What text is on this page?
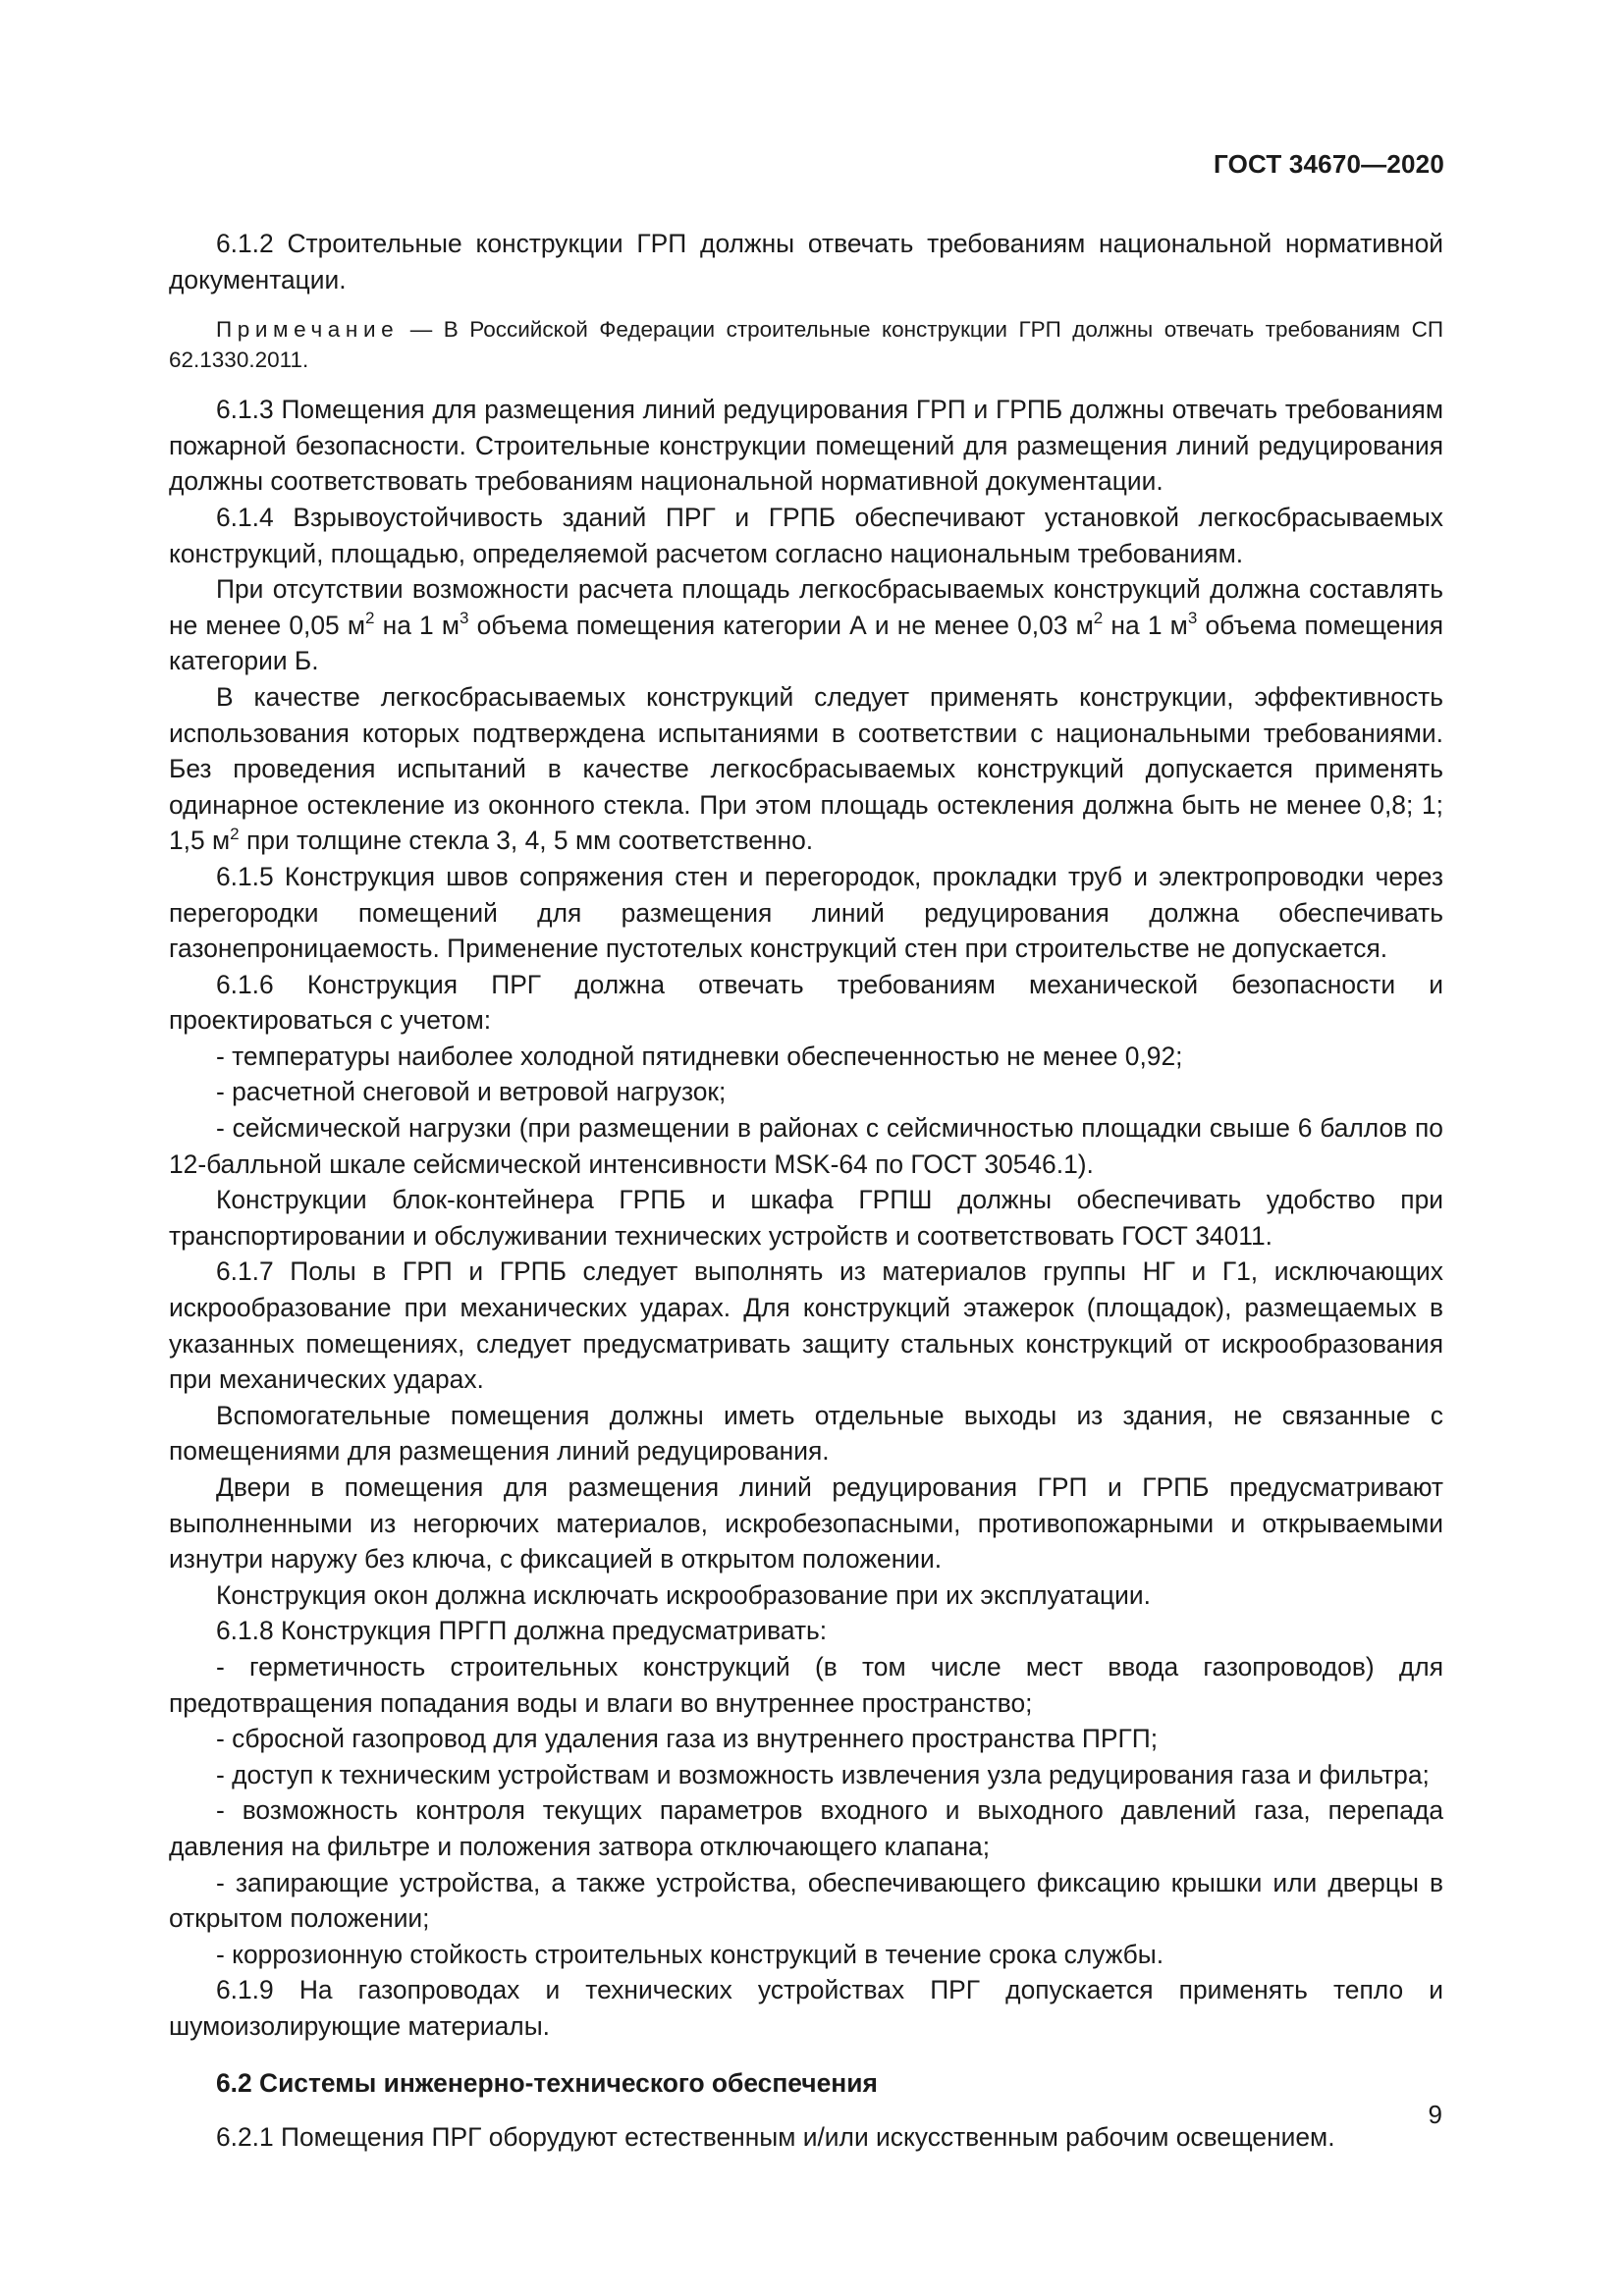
ГОСТ 34670—2020

6.1.2 Строительные конструкции ГРП должны отвечать требованиям национальной нормативной документации.

Примечание — В Российской Федерации строительные конструкции ГРП должны отвечать требованиям СП 62.1330.2011.

6.1.3 Помещения для размещения линий редуцирования ГРП и ГРПБ должны отвечать требованиям пожарной безопасности. Строительные конструкции помещений для размещения линий редуцирования должны соответствовать требованиям национальной нормативной документации.

6.1.4 Взрывоустойчивость зданий ПРГ и ГРПБ обеспечивают установкой легкосбрасываемых конструкций, площадью, определяемой расчетом согласно национальным требованиям.

При отсутствии возможности расчета площадь легкосбрасываемых конструкций должна составлять не менее 0,05 $м^2$ на 1 $м^3$ объема помещения категории А и не менее 0,03 $м^2$ на 1 $м^3$ объема помещения категории Б.

В качестве легкосбрасываемых конструкций следует применять конструкции, эффективность использования которых подтверждена испытаниями в соответствии с национальными требованиями. Без проведения испытаний в качестве легкосбрасываемых конструкций допускается применять одинарное остекление из оконного стекла. При этом площадь остекления должна быть не менее 0,8; 1; 1,5 $м^2$ при толщине стекла 3, 4, 5 мм соответственно.

6.1.5 Конструкция швов сопряжения стен и перегородок, прокладки труб и электропроводки через перегородки помещений для размещения линий редуцирования должна обеспечивать газонепроницаемость. Применение пустотелых конструкций стен при строительстве не допускается.

6.1.6 Конструкция ПРГ должна отвечать требованиям механической безопасности и проектироваться с учетом:

- температуры наиболее холодной пятидневки обеспеченностью не менее 0,92;

- расчетной снеговой и ветровой нагрузок;

- сейсмической нагрузки (при размещении в районах с сейсмичностью площадки свыше 6 баллов по 12-балльной шкале сейсмической интенсивности MSK-64 по ГОСТ 30546.1).

Конструкции блок-контейнера ГРПБ и шкафа ГРПШ должны обеспечивать удобство при транспортировании и обслуживании технических устройств и соответствовать ГОСТ 34011.

6.1.7 Полы в ГРП и ГРПБ следует выполнять из материалов группы НГ и Г1, исключающих искрообразование при механических ударах. Для конструкций этажерок (площадок), размещаемых в указанных помещениях, следует предусматривать защиту стальных конструкций от искрообразования при механических ударах.

Вспомогательные помещения должны иметь отдельные выходы из здания, не связанные с помещениями для размещения линий редуцирования.

Двери в помещения для размещения линий редуцирования ГРП и ГРПБ предусматривают выполненными из негорючих материалов, искробезопасными, противопожарными и открываемыми изнутри наружу без ключа, с фиксацией в открытом положении.

Конструкция окон должна исключать искрообразование при их эксплуатации.

6.1.8 Конструкция ПРГП должна предусматривать:

- герметичность строительных конструкций (в том числе мест ввода газопроводов) для предотвращения попадания воды и влаги во внутреннее пространство;

- сбросной газопровод для удаления газа из внутреннего пространства ПРГП;

- доступ к техническим устройствам и возможность извлечения узла редуцирования газа и фильтра;

- возможность контроля текущих параметров входного и выходного давлений газа, перепада давления на фильтре и положения затвора отключающего клапана;

- запирающие устройства, а также устройства, обеспечивающего фиксацию крышки или дверцы в открытом положении;

- коррозионную стойкость строительных конструкций в течение срока службы.

6.1.9 На газопроводах и технических устройствах ПРГ допускается применять тепло и шумоизолирующие материалы.

6.2 Системы инженерно-технического обеспечения

6.2.1 Помещения ПРГ оборудуют естественным и/или искусственным рабочим освещением.

9
